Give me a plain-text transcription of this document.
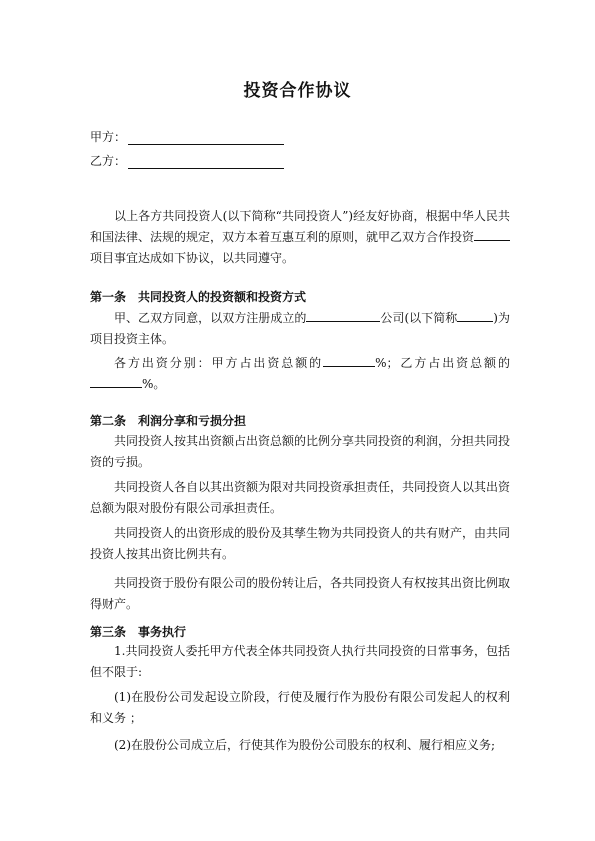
投资合作协议
甲方：
乙方：

以上各方共同投资人(以下简称“共同投资人”)经友好协商，根据中华人民共和国法律、法规的规定，双方本着互惠互利的原则，就甲乙双方合作投资项目事宜达成如下协议，以共同遵守。

第一条 共同投资人的投资额和投资方式

甲、乙双方同意，以双方注册成立的	公司(以下简称	)为项目投资主体。

各方出资分别：甲方占出资总额的	%；乙方占出资总额的%。

第二条 利润分享和亏损分担

共同投资人按其出资额占出资总额的比例分享共同投资的利润，分担共同投资的亏损。

共同投资人各自以其出资额为限对共同投资承担责任，共同投资人以其出资总额为限对股份有限公司承担责任。

共同投资人的出资形成的股份及其孳生物为共同投资人的共有财产，由共同投资人按其出资比例共有。

共同投资于股份有限公司的股份转让后，各共同投资人有权按其出资比例取得财产。

第三条 事务执行

1.共同投资人委托甲方代表全体共同投资人执行共同投资的日常事务，包括但不限于:

(1)在股份公司发起设立阶段，行使及履行作为股份有限公司发起人的权利和义务 ；

(2)在股份公司成立后，行使其作为股份公司股东的权利、履行相应义务;
